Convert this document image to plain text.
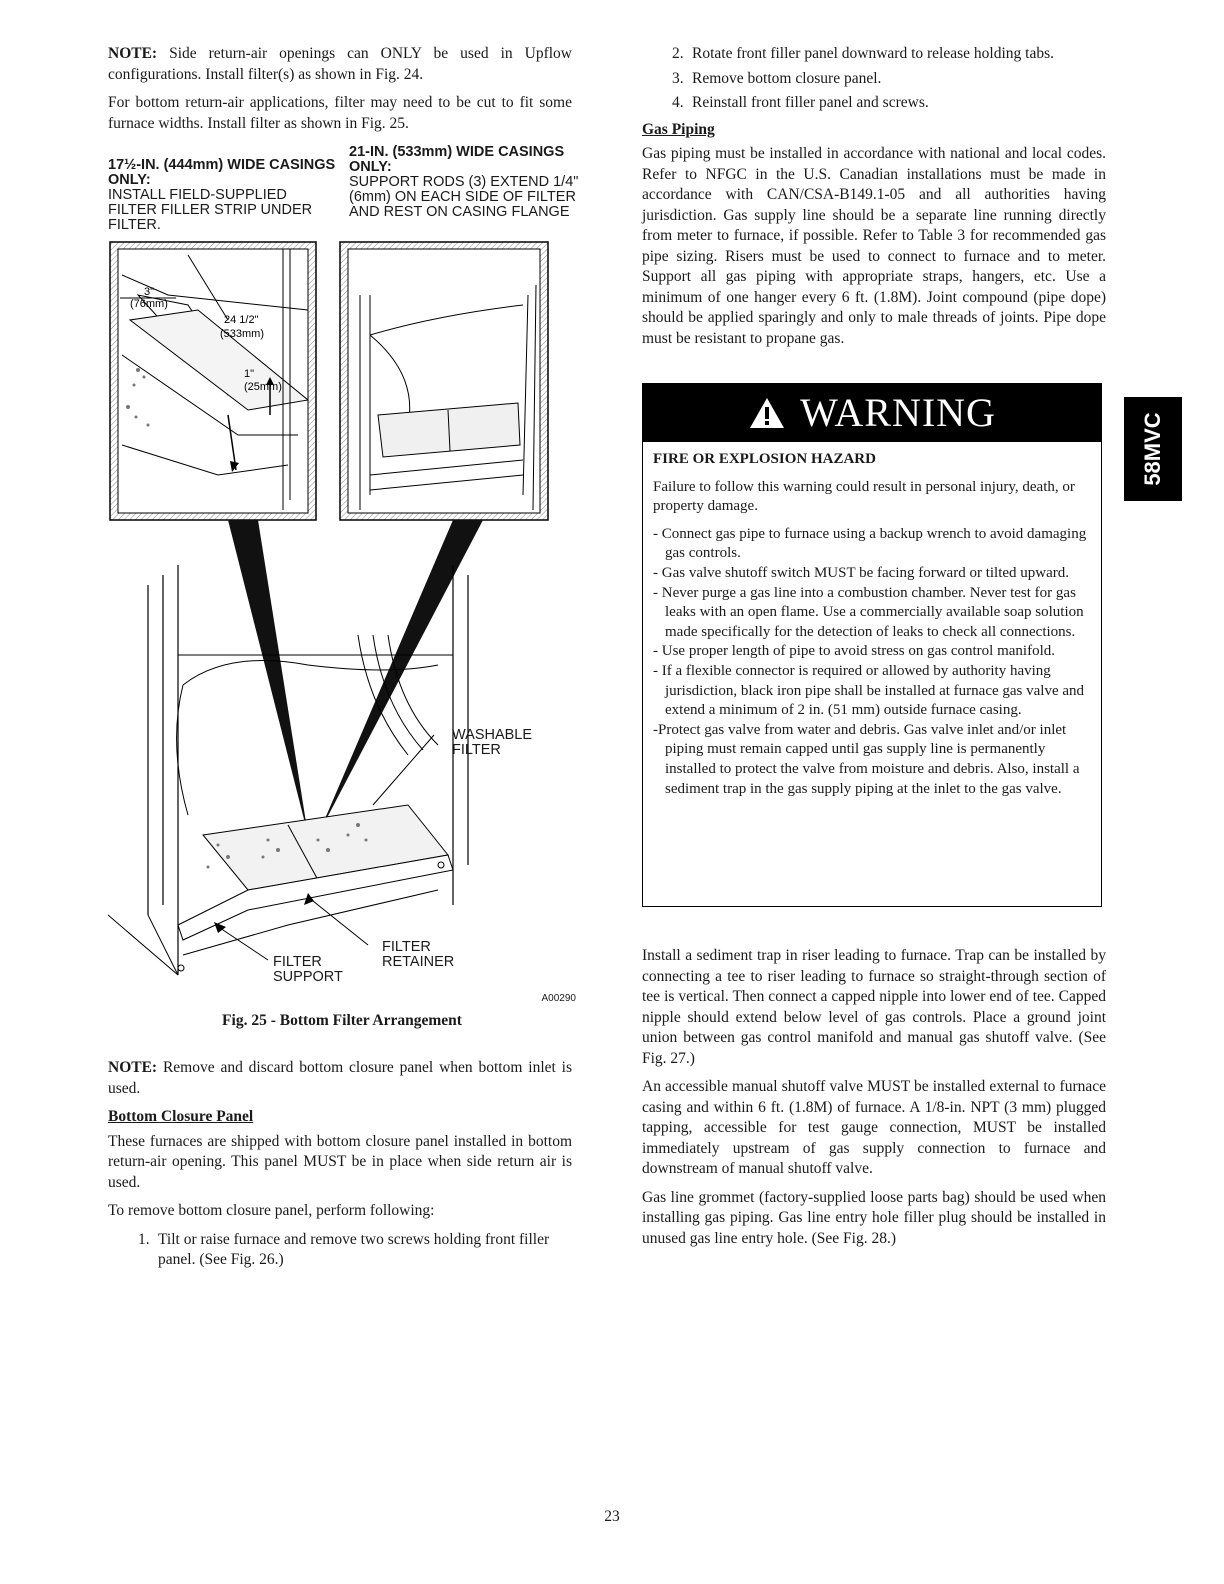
NOTE: Side return-air openings can ONLY be used in Upflow configurations. Install filter(s) as shown in Fig. 24.

For bottom return-air applications, filter may need to be cut to fit some furnace widths. Install filter as shown in Fig. 25.

17½-IN. (444mm) WIDE CASINGS ONLY:
INSTALL FIELD-SUPPLIED FILTER FILLER STRIP UNDER FILTER.
21-IN. (533mm) WIDE CASINGS ONLY:
SUPPORT RODS (3) EXTEND 1/4" (6mm) ON EACH SIDE OF FILTER AND REST ON CASING FLANGE
3"
(76mm)
24 1/2"
(533mm)
1"
(25mm)
WASHABLE FILTER
FILTER SUPPORT
FILTER RETAINER
A00290
Fig. 25 - Bottom Filter Arrangement

NOTE: Remove and discard bottom closure panel when bottom inlet is used.

Bottom Closure Panel

These furnaces are shipped with bottom closure panel installed in bottom return-air opening. This panel MUST be in place when side return air is used.

To remove bottom closure panel, perform following:

1. Tilt or raise furnace and remove two screws holding front filler panel. (See Fig. 26.)
2. Rotate front filler panel downward to release holding tabs.
3. Remove bottom closure panel.
4. Reinstall front filler panel and screws.
Gas Piping

Gas piping must be installed in accordance with national and local codes. Refer to NFGC in the U.S. Canadian installations must be made in accordance with CAN/CSA-B149.1-05 and all authorities having jurisdiction. Gas supply line should be a separate line running directly from meter to furnace, if possible. Refer to Table 3 for recommended gas pipe sizing. Risers must be used to connect to furnace and to meter. Support all gas piping with appropriate straps, hangers, etc. Use a minimum of one hanger every 6 ft. (1.8M). Joint compound (pipe dope) should be applied sparingly and only to male threads of joints. Pipe dope must be resistant to propane gas.

WARNING
FIRE OR EXPLOSION HAZARD

Failure to follow this warning could result in personal injury, death, or property damage.

- Connect gas pipe to furnace using a backup wrench to avoid damaging gas controls.
- Gas valve shutoff switch MUST be facing forward or tilted upward.
- Never purge a gas line into a combustion chamber. Never test for gas leaks with an open flame. Use a commercially available soap solution made specifically for the detection of leaks to check all connections.
- Use proper length of pipe to avoid stress on gas control manifold.
- If a flexible connector is required or allowed by authority having jurisdiction, black iron pipe shall be installed at furnace gas valve and extend a minimum of 2 in. (51 mm) outside furnace casing.
-Protect gas valve from water and debris. Gas valve inlet and/or inlet piping must remain capped until gas supply line is permanently installed to protect the valve from moisture and debris. Also, install a sediment trap in the gas supply piping at the inlet to the gas valve.

Install a sediment trap in riser leading to furnace. Trap can be installed by connecting a tee to riser leading to furnace so straight-through section of tee is vertical. Then connect a capped nipple into lower end of tee. Capped nipple should extend below level of gas controls. Place a ground joint union between gas control manifold and manual gas shutoff valve. (See Fig. 27.)

An accessible manual shutoff valve MUST be installed external to furnace casing and within 6 ft. (1.8M) of furnace. A 1/8-in. NPT (3 mm) plugged tapping, accessible for test gauge connection, MUST be installed immediately upstream of gas supply connection to furnace and downstream of manual shutoff valve.

Gas line grommet (factory-supplied loose parts bag) should be used when installing gas piping. Gas line entry hole filler plug should be installed in unused gas line entry hole. (See Fig. 28.)

58MVC
23
